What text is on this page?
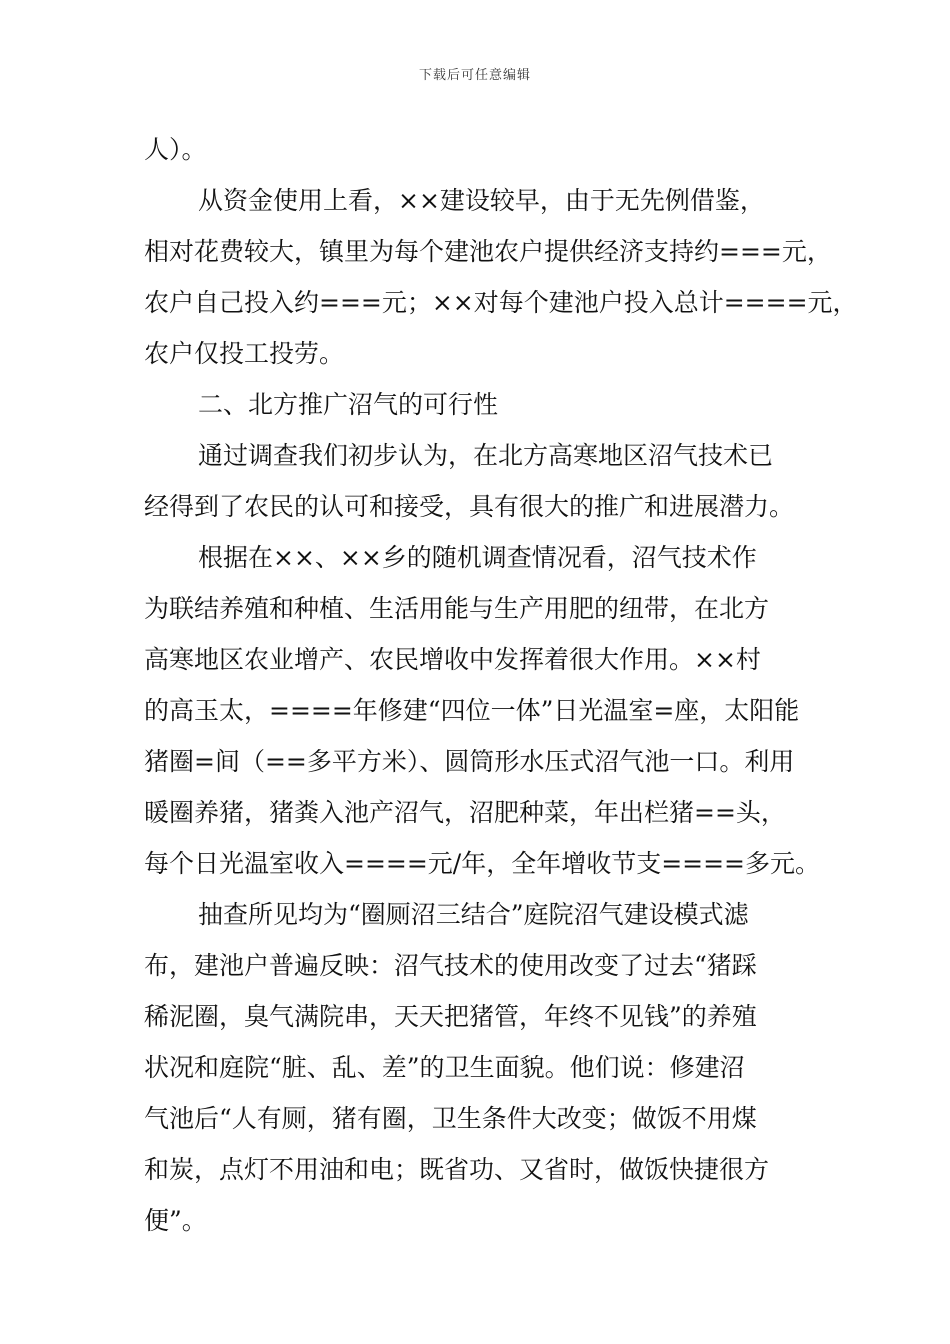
下载后可任意编辑
人）。
从资金使用上看，××建设较早，由于无先例借鉴，
相对花费较大，镇里为每个建池农户提供经济支持约===元，
农户自己投入约===元；××对每个建池户投入总计====元，
农户仅投工投劳。
二、北方推广沼气的可行性
通过调查我们初步认为，在北方高寒地区沼气技术已
经得到了农民的认可和接受，具有很大的推广和进展潜力。
根据在××、××乡的随机调查情况看，沼气技术作
为联结养殖和种植、生活用能与生产用肥的纽带，在北方
高寒地区农业增产、农民增收中发挥着很大作用。××村
的高玉太，====年修建“四位一体”日光温室=座，太阳能
猪圈=间（==多平方米）、圆筒形水压式沼气池一口。利用
暖圈养猪，猪粪入池产沼气，沼肥种菜，年出栏猪==头，
每个日光温室收入====元/年，全年增收节支====多元。
抽查所见均为“圈厕沼三结合”庭院沼气建设模式滤
布，建池户普遍反映：沼气技术的使用改变了过去“猪踩
稀泥圈，臭气满院串，天天把猪管，年终不见钱”的养殖
状况和庭院“脏、乱、差”的卫生面貌。他们说：修建沼
气池后“人有厕，猪有圈，卫生条件大改变；做饭不用煤
和炭，点灯不用油和电；既省功、又省时，做饭快捷很方
便”。
